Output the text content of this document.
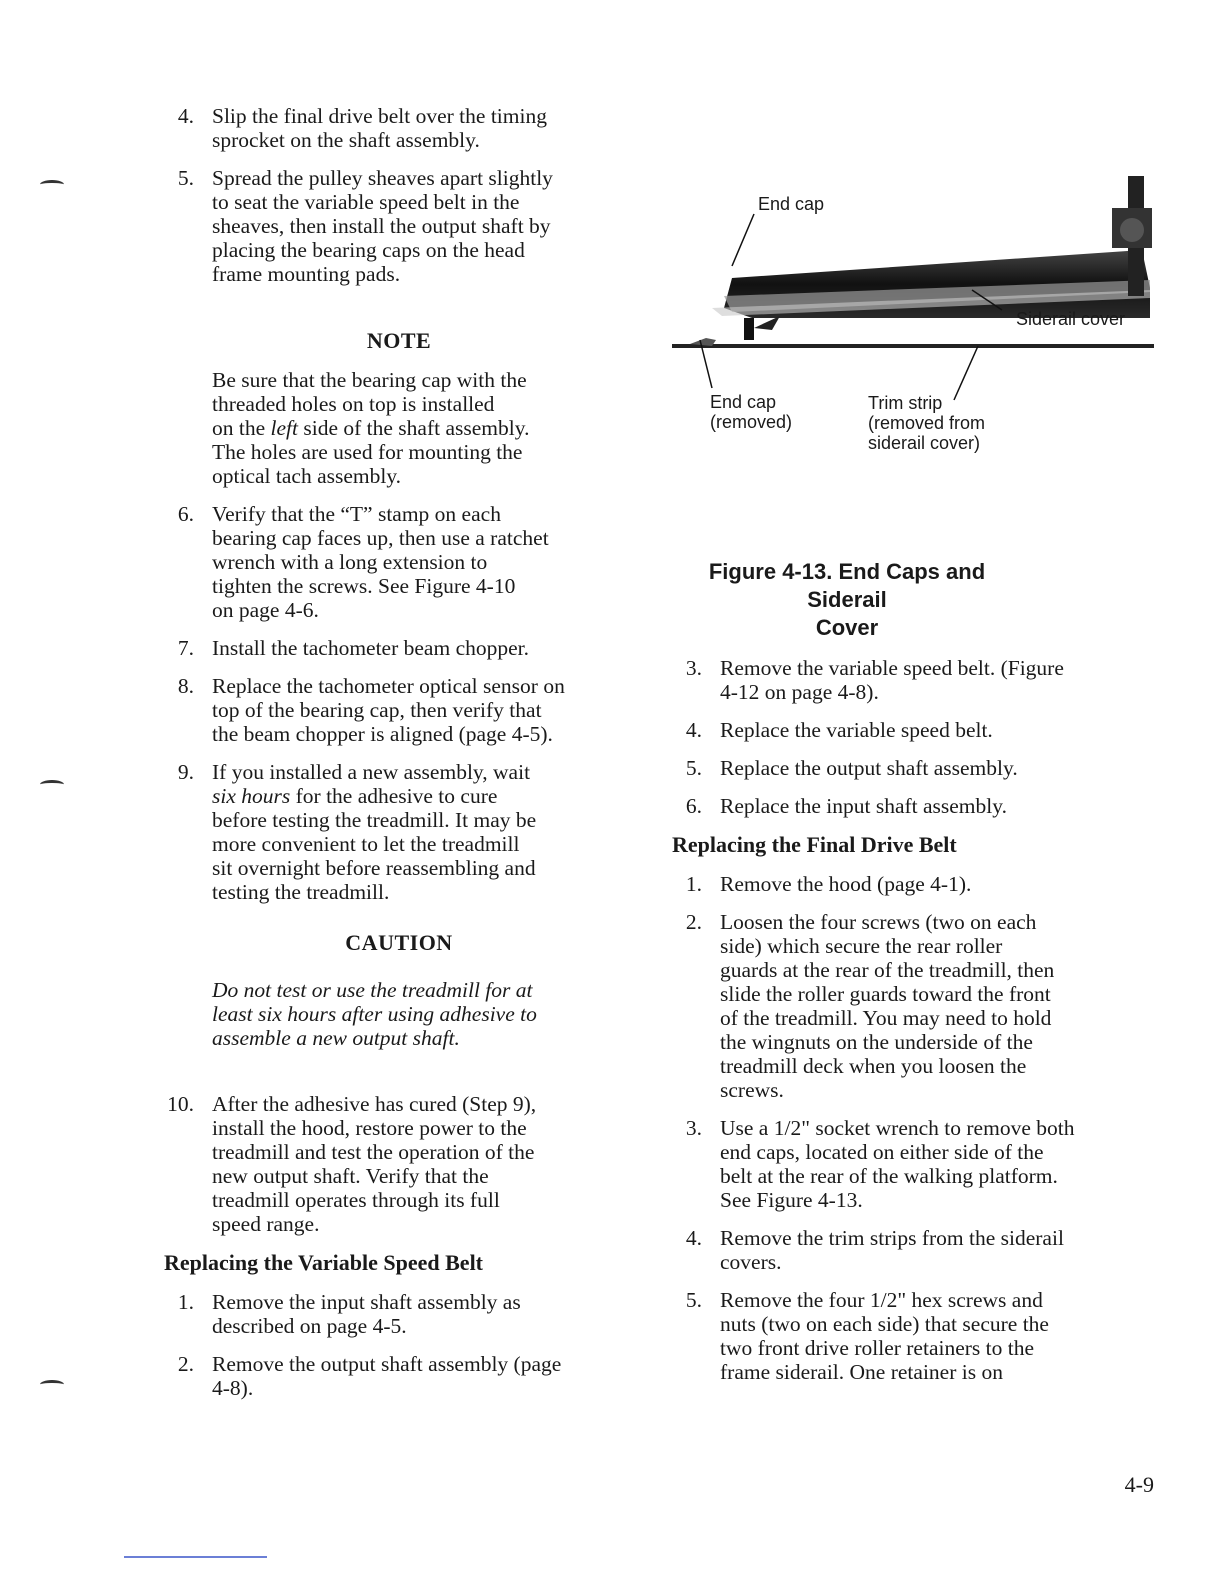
4. Slip the final drive belt over the timing
sprocket on the shaft assembly.
5. Spread the pulley sheaves apart slightly
to seat the variable speed belt in the
sheaves, then install the output shaft by
placing the bearing caps on the head
frame mounting pads.
NOTE
Be sure that the bearing cap with the
threaded holes on top is installed
on the left side of the shaft assembly.
The holes are used for mounting the
optical tach assembly.
6. Verify that the “T” stamp on each
bearing cap faces up, then use a ratchet
wrench with a long extension to
tighten the screws. See Figure 4-10
on page 4-6.
7. Install the tachometer beam chopper.
8. Replace the tachometer optical sensor on
top of the bearing cap, then verify that
the beam chopper is aligned (page 4-5).
9. If you installed a new assembly, wait
six hours for the adhesive to cure
before testing the treadmill. It may be
more convenient to let the treadmill
sit overnight before reassembling and
testing the treadmill.
CAUTION
Do not test or use the treadmill for at
least six hours after using adhesive to
assemble a new output shaft.
10. After the adhesive has cured (Step 9),
install the hood, restore power to the
treadmill and test the operation of the
new output shaft. Verify that the
treadmill operates through its full
speed range.
Replacing the Variable Speed Belt
1. Remove the input shaft assembly as
described on page 4-5.
2. Remove the output shaft assembly (page
4-8).
End cap
Siderail cover
End cap
(removed)
Trim strip
(removed from
siderail cover)
Figure 4-13. End Caps and Siderail
Cover
3. Remove the variable speed belt. (Figure
4-12 on page 4-8).
4. Replace the variable speed belt.
5. Replace the output shaft assembly.
6. Replace the input shaft assembly.
Replacing the Final Drive Belt
1. Remove the hood (page 4-1).
2. Loosen the four screws (two on each
side) which secure the rear roller
guards at the rear of the treadmill, then
slide the roller guards toward the front
of the treadmill. You may need to hold
the wingnuts on the underside of the
treadmill deck when you loosen the
screws.
3. Use a 1/2" socket wrench to remove both
end caps, located on either side of the
belt at the rear of the walking platform.
See Figure 4-13.
4. Remove the trim strips from the siderail
covers.
5. Remove the four 1/2" hex screws and
nuts (two on each side) that secure the
two front drive roller retainers to the
frame siderail. One retainer is on
4-9
